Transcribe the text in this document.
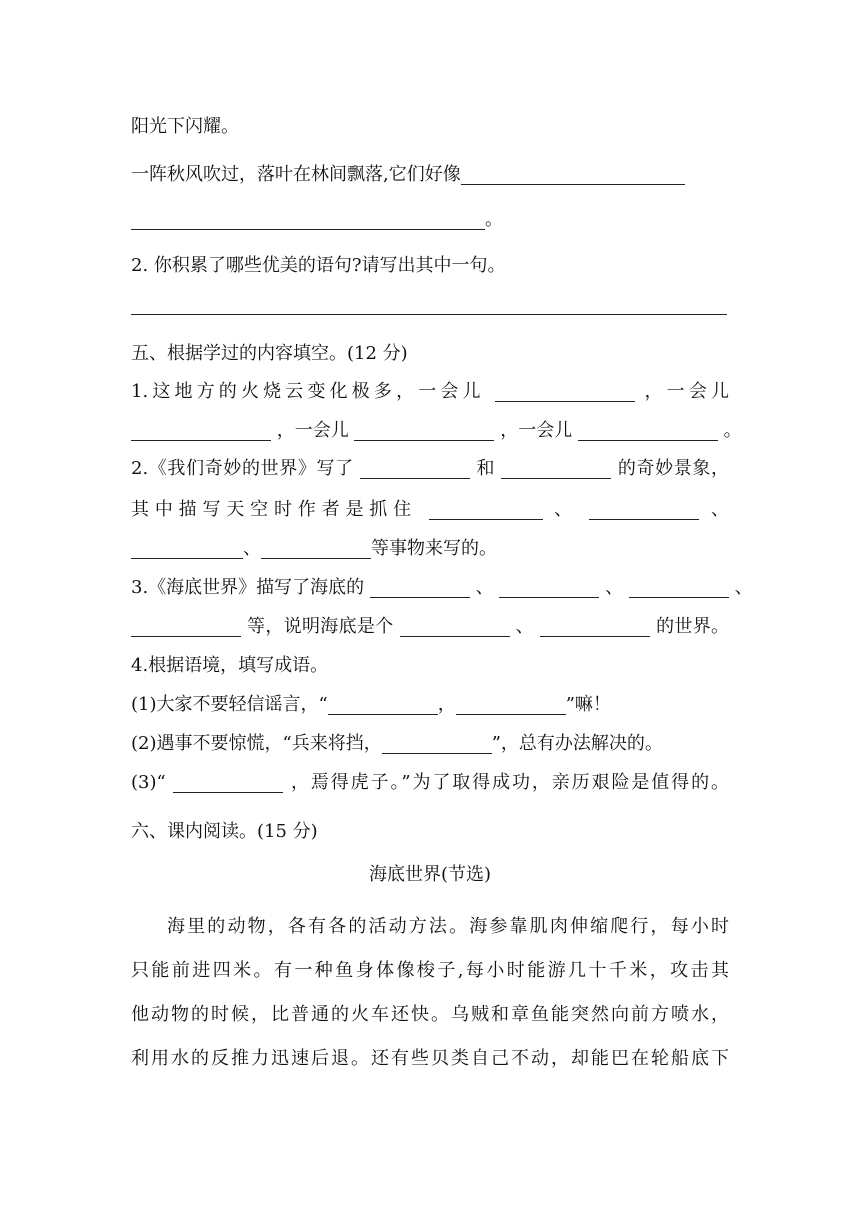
阳光下闪耀。
一阵秋风吹过，落叶在林间飘落,它们好像
。
2. 你积累了哪些优美的语句?请写出其中一句。
五、根据学过的内容填空。(12 分)
1.这地方的火烧云变化极多，一会儿	，一会儿
，一会儿	，一会儿	。
2.《我们奇妙的世界》写了	和	的奇妙景象，
其中描写天空时作者是抓住	、	、
、	等事物来写的。
3.《海底世界》描写了海底的	、	、	、
等，说明海底是个	、	的世界。
4.根据语境，填写成语。
(1)大家不要轻信谣言，“	，	”嘛！
(2)遇事不要惊慌，“兵来将挡，	”，总有办法解决的。
(3)“	，焉得虎子。”为了取得成功，亲历艰险是值得的。
六、课内阅读。(15 分)
海底世界(节选)
海里的动物，各有各的活动方法。海参靠肌肉伸缩爬行，每小时
只能前进四米。有一种鱼身体像梭子,每小时能游几十千米，攻击其
他动物的时候，比普通的火车还快。乌贼和章鱼能突然向前方喷水，
利用水的反推力迅速后退。还有些贝类自己不动，却能巴在轮船底下
